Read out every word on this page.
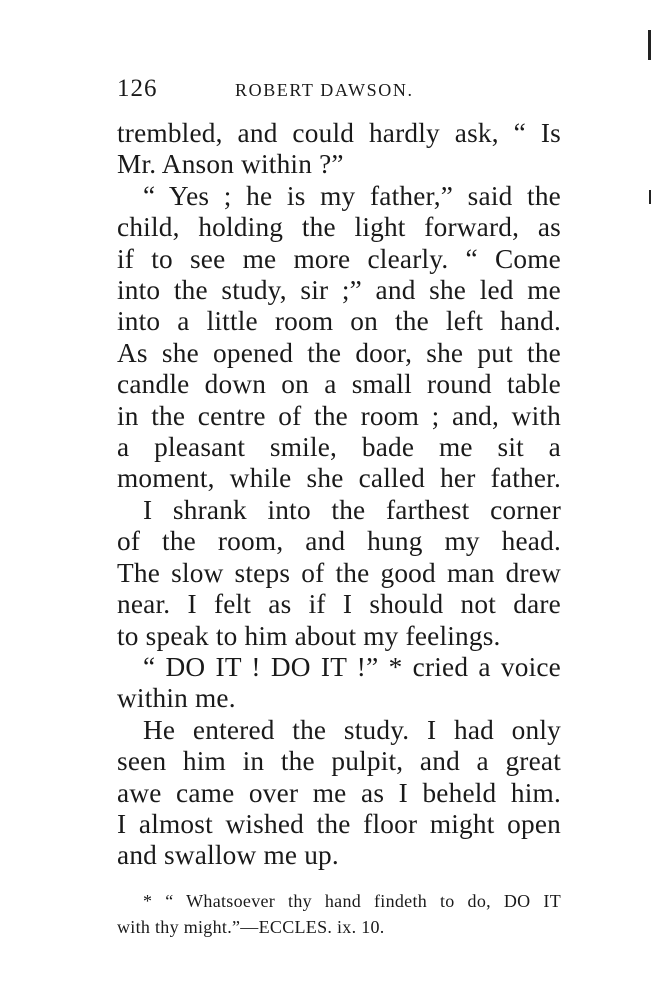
126	ROBERT DAWSON.
trembled, and could hardly ask, “ Is
Mr. Anson within ?”
“ Yes ; he is my father,” said the
child, holding the light forward, as
if to see me more clearly. “ Come
into the study, sir ;” and she led me
into a little room on the left hand.
As she opened the door, she put the
candle down on a small round table
in the centre of the room ; and, with
a pleasant smile, bade me sit a
moment, while she called her father.
I shrank into the farthest corner
of the room, and hung my head.
The slow steps of the good man drew
near. I felt as if I should not dare
to speak to him about my feelings.
“ DO IT ! DO IT !” * cried a voice
within me.
He entered the study. I had only
seen him in the pulpit, and a great
awe came over me as I beheld him.
I almost wished the floor might open
and swallow me up.
* “ Whatsoever thy hand findeth to do, DO IT
with thy might.”—ECCLES. ix. 10.
